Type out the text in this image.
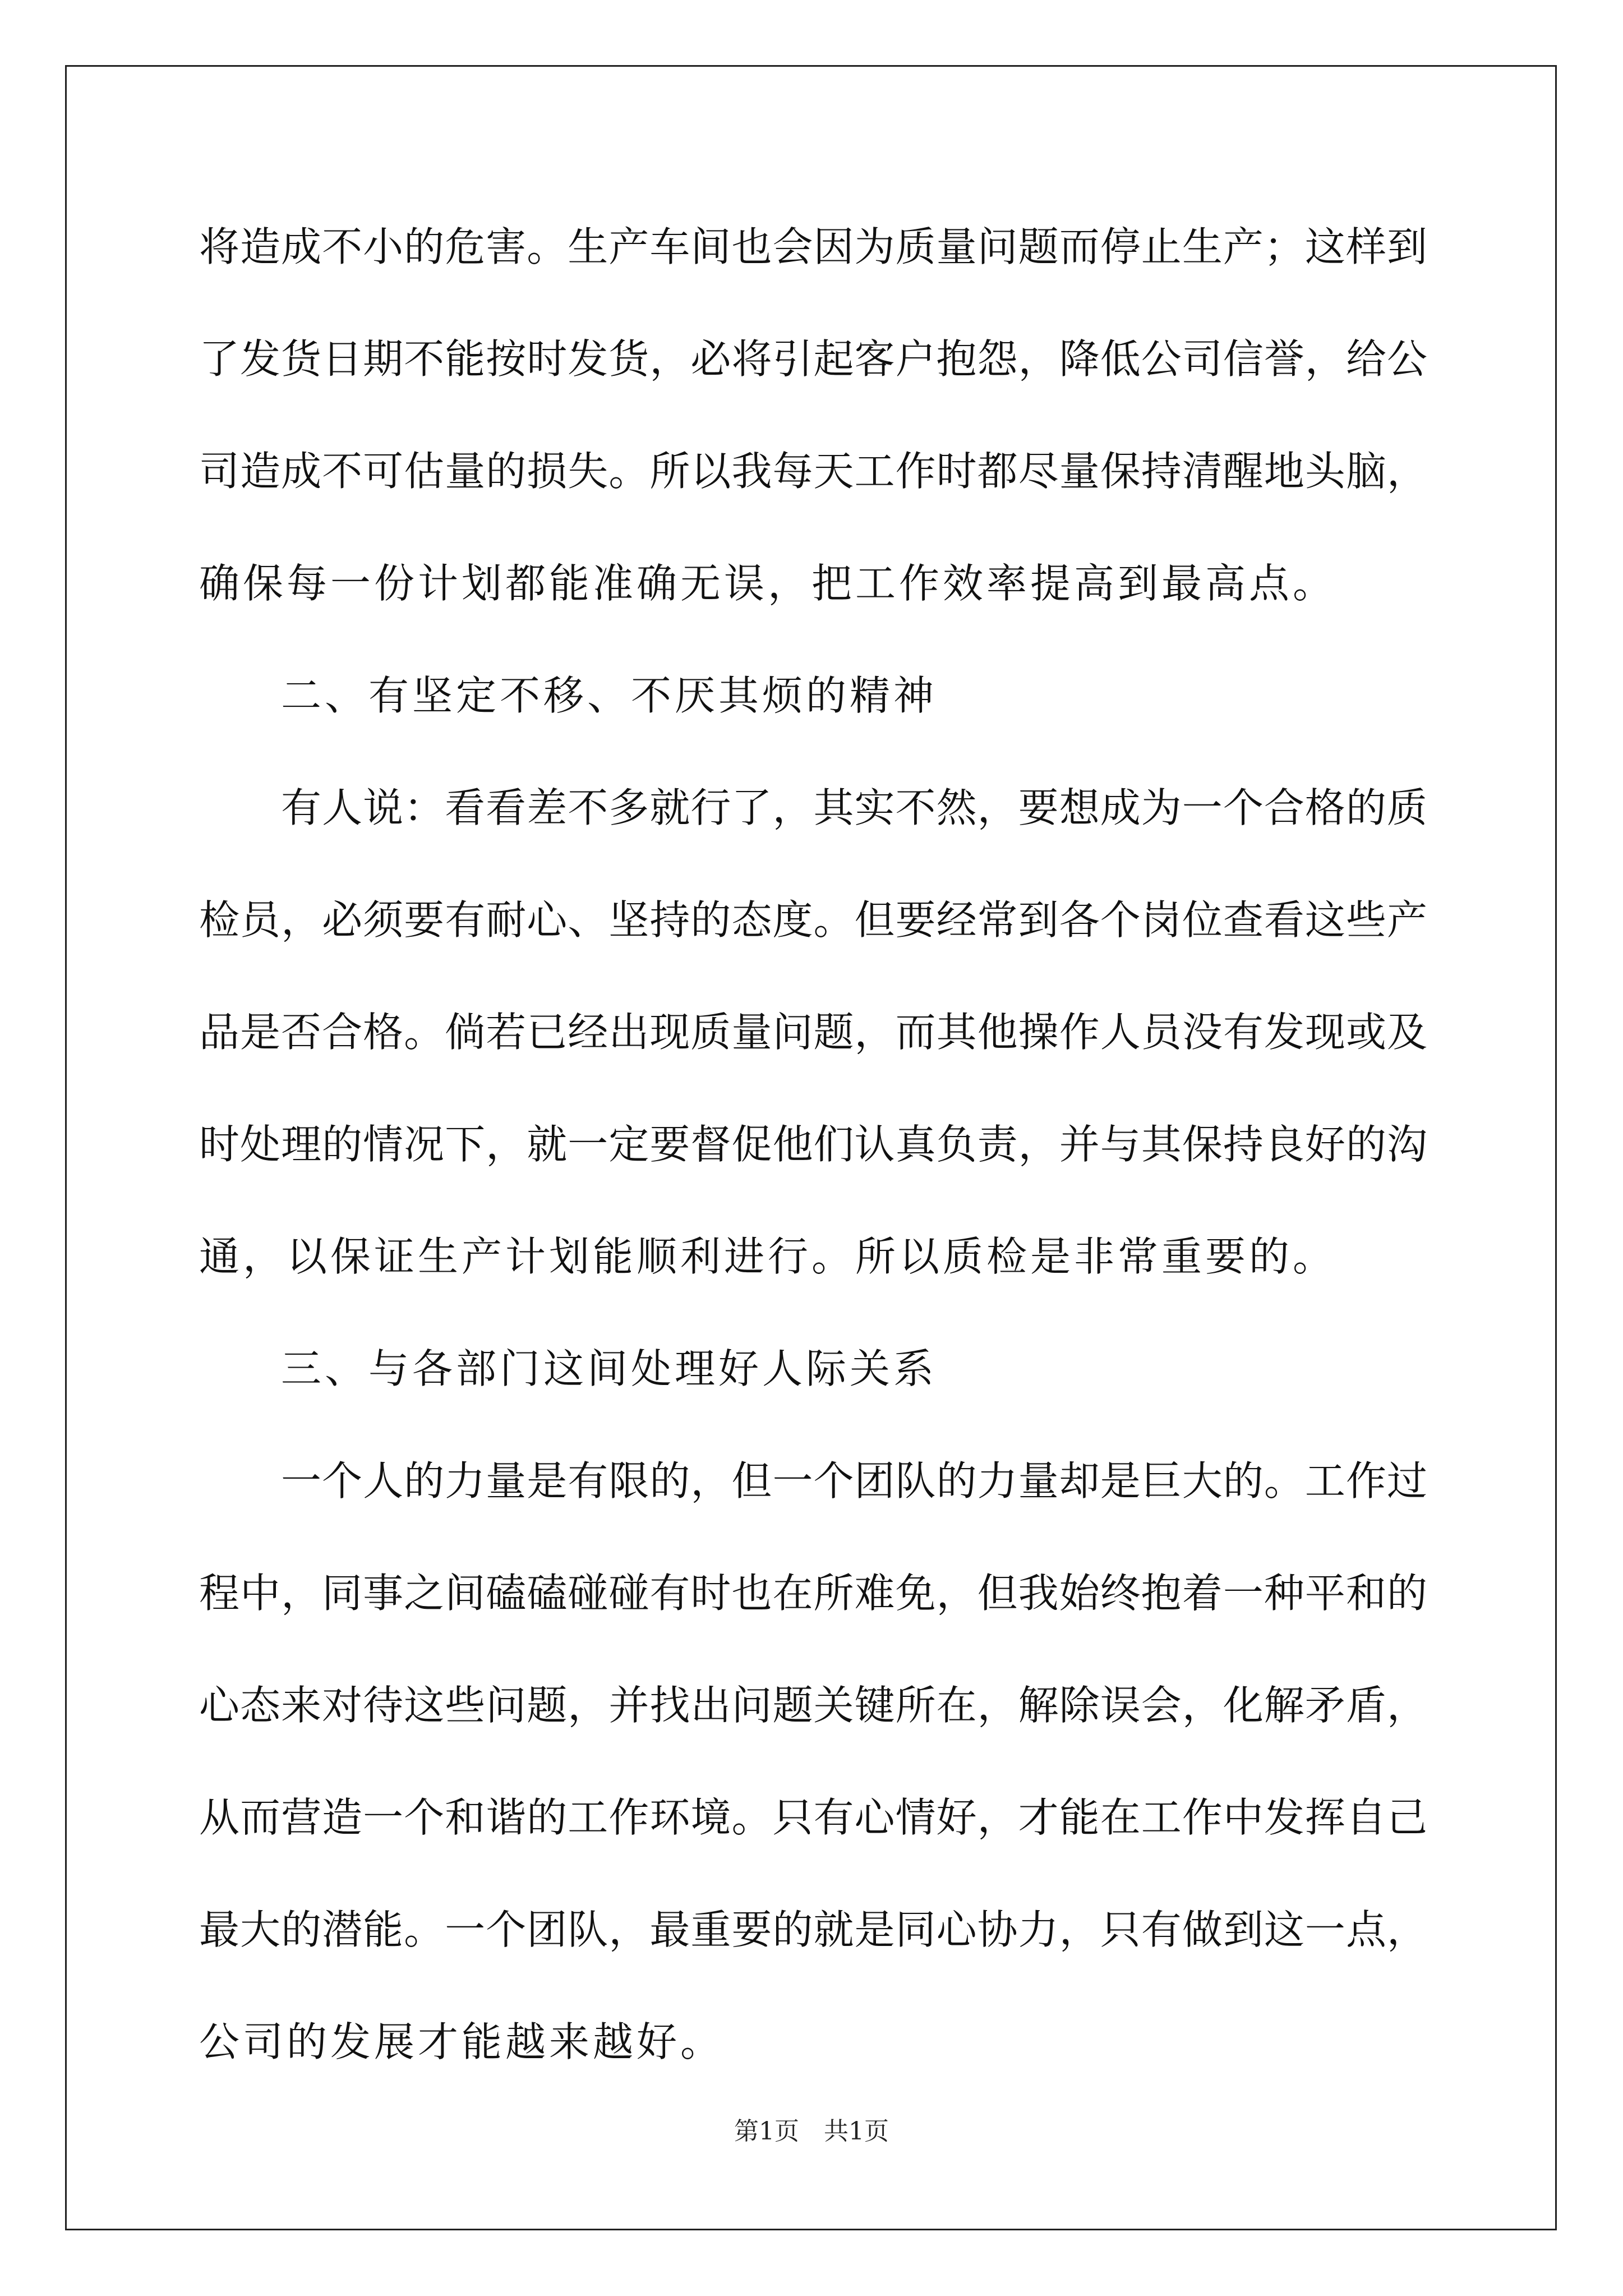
将造成不小的危害。生产车间也会因为质量问题而停止生产；这样到
了发货日期不能按时发货，必将引起客户抱怨，降低公司信誉，给公
司造成不可估量的损失。所以我每天工作时都尽量保持清醒地头脑，
确保每一份计划都能准确无误，把工作效率提高到最高点。
二、有坚定不移、不厌其烦的精神
有人说：看看差不多就行了，其实不然，要想成为一个合格的质
检员，必须要有耐心、坚持的态度。但要经常到各个岗位查看这些产
品是否合格。倘若已经出现质量问题，而其他操作人员没有发现或及
时处理的情况下，就一定要督促他们认真负责，并与其保持良好的沟
通，以保证生产计划能顺利进行。所以质检是非常重要的。
三、与各部门这间处理好人际关系
一个人的力量是有限的，但一个团队的力量却是巨大的。工作过
程中，同事之间磕磕碰碰有时也在所难免，但我始终抱着一种平和的
心态来对待这些问题，并找出问题关键所在，解除误会，化解矛盾，
从而营造一个和谐的工作环境。只有心情好，才能在工作中发挥自己
最大的潜能。一个团队，最重要的就是同心协力，只有做到这一点，
公司的发展才能越来越好。
第1页　共1页
